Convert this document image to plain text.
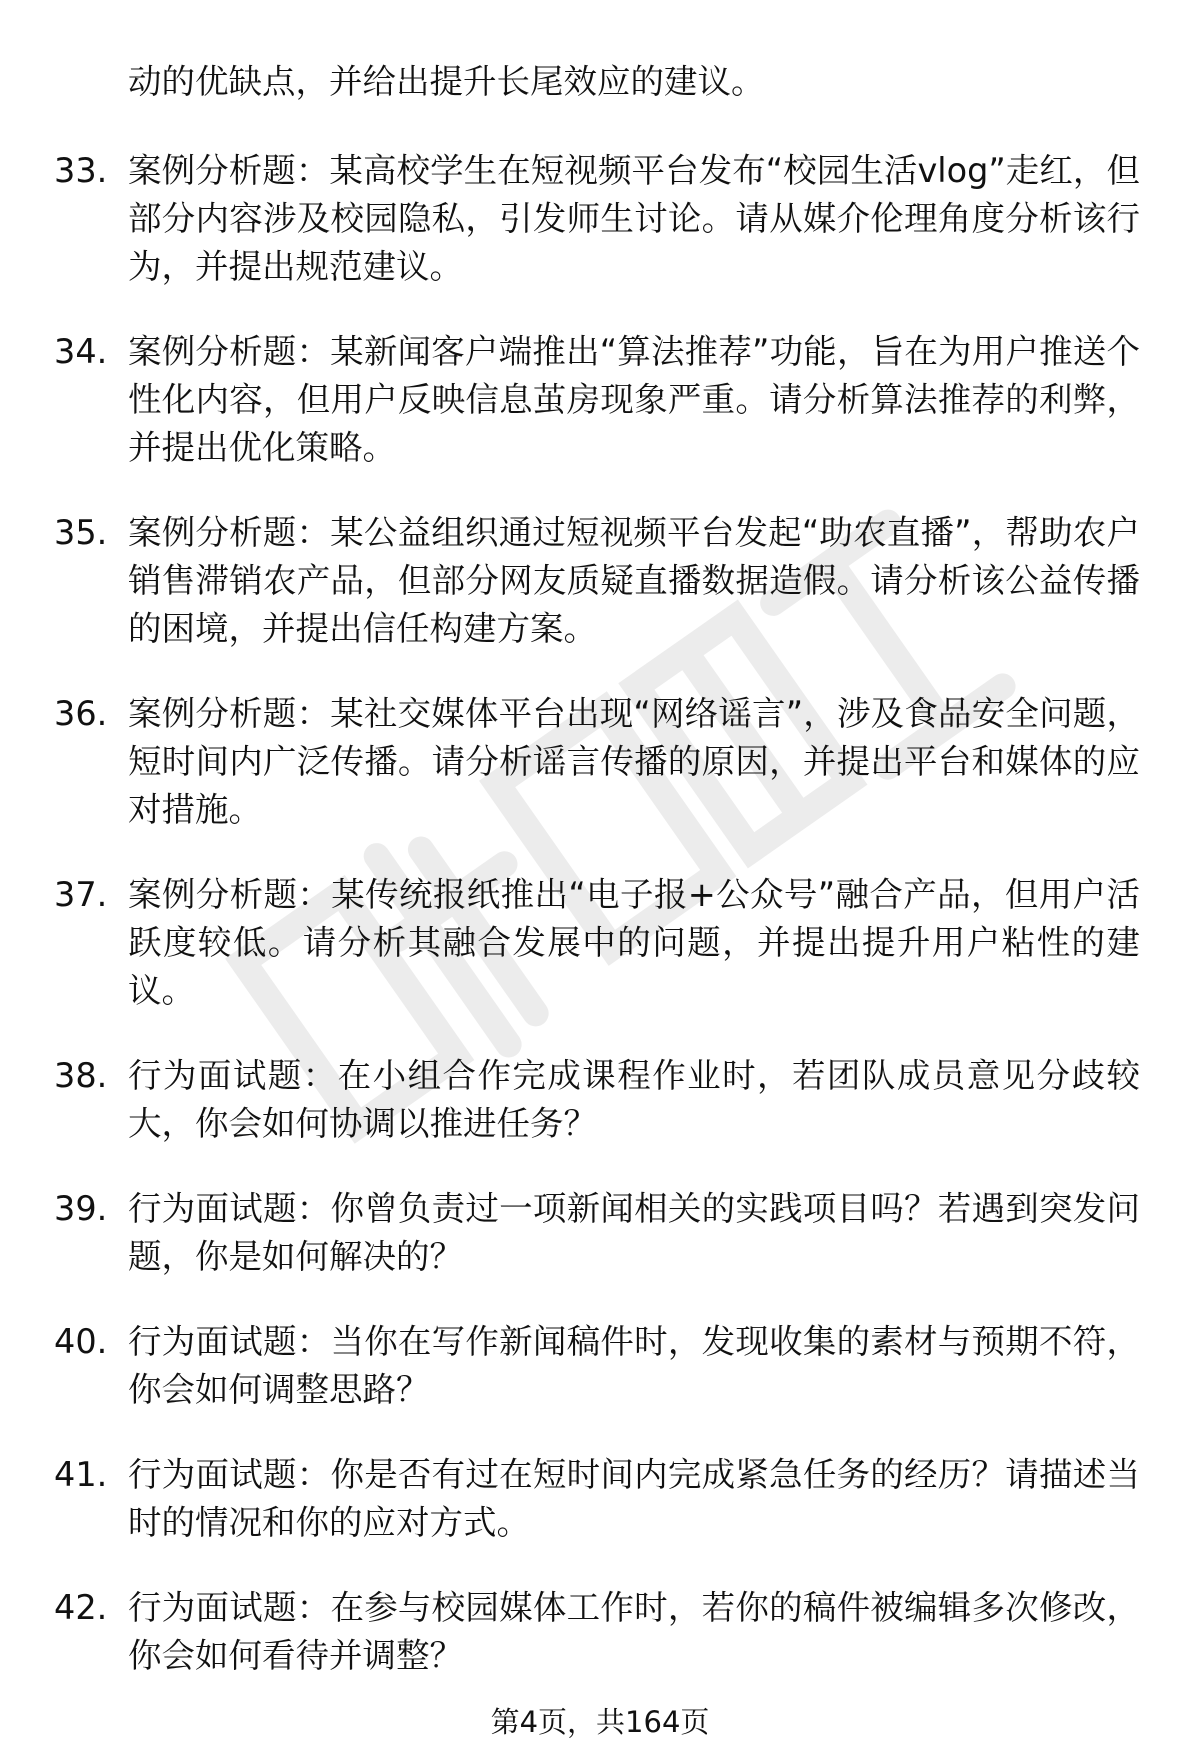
动的优缺点，并给出提升长尾效应的建议。

33. 案例分析题：某高校学生在短视频平台发布“校园生活vlog”走红，但部分内容涉及校园隐私，引发师生讨论。请从媒介伦理角度分析该行为，并提出规范建议。
34. 案例分析题：某新闻客户端推出“算法推荐”功能，旨在为用户推送个性化内容，但用户反映信息茧房现象严重。请分析算法推荐的利弊，并提出优化策略。
35. 案例分析题：某公益组织通过短视频平台发起“助农直播”，帮助农户销售滞销农产品，但部分网友质疑直播数据造假。请分析该公益传播的困境，并提出信任构建方案。
36. 案例分析题：某社交媒体平台出现“网络谣言”，涉及食品安全问题，短时间内广泛传播。请分析谣言传播的原因，并提出平台和媒体的应对措施。
37. 案例分析题：某传统报纸推出“电子报+公众号”融合产品，但用户活跃度较低。请分析其融合发展中的问题，并提出提升用户粘性的建议。
38. 行为面试题：在小组合作完成课程作业时，若团队成员意见分歧较大，你会如何协调以推进任务？
39. 行为面试题：你曾负责过一项新闻相关的实践项目吗？若遇到突发问题，你是如何解决的？
40. 行为面试题：当你在写作新闻稿件时，发现收集的素材与预期不符，你会如何调整思路？
41. 行为面试题：你是否有过在短时间内完成紧急任务的经历？请描述当时的情况和你的应对方式。
42. 行为面试题：在参与校园媒体工作时，若你的稿件被编辑多次修改，你会如何看待并调整？
第4页，共164页
